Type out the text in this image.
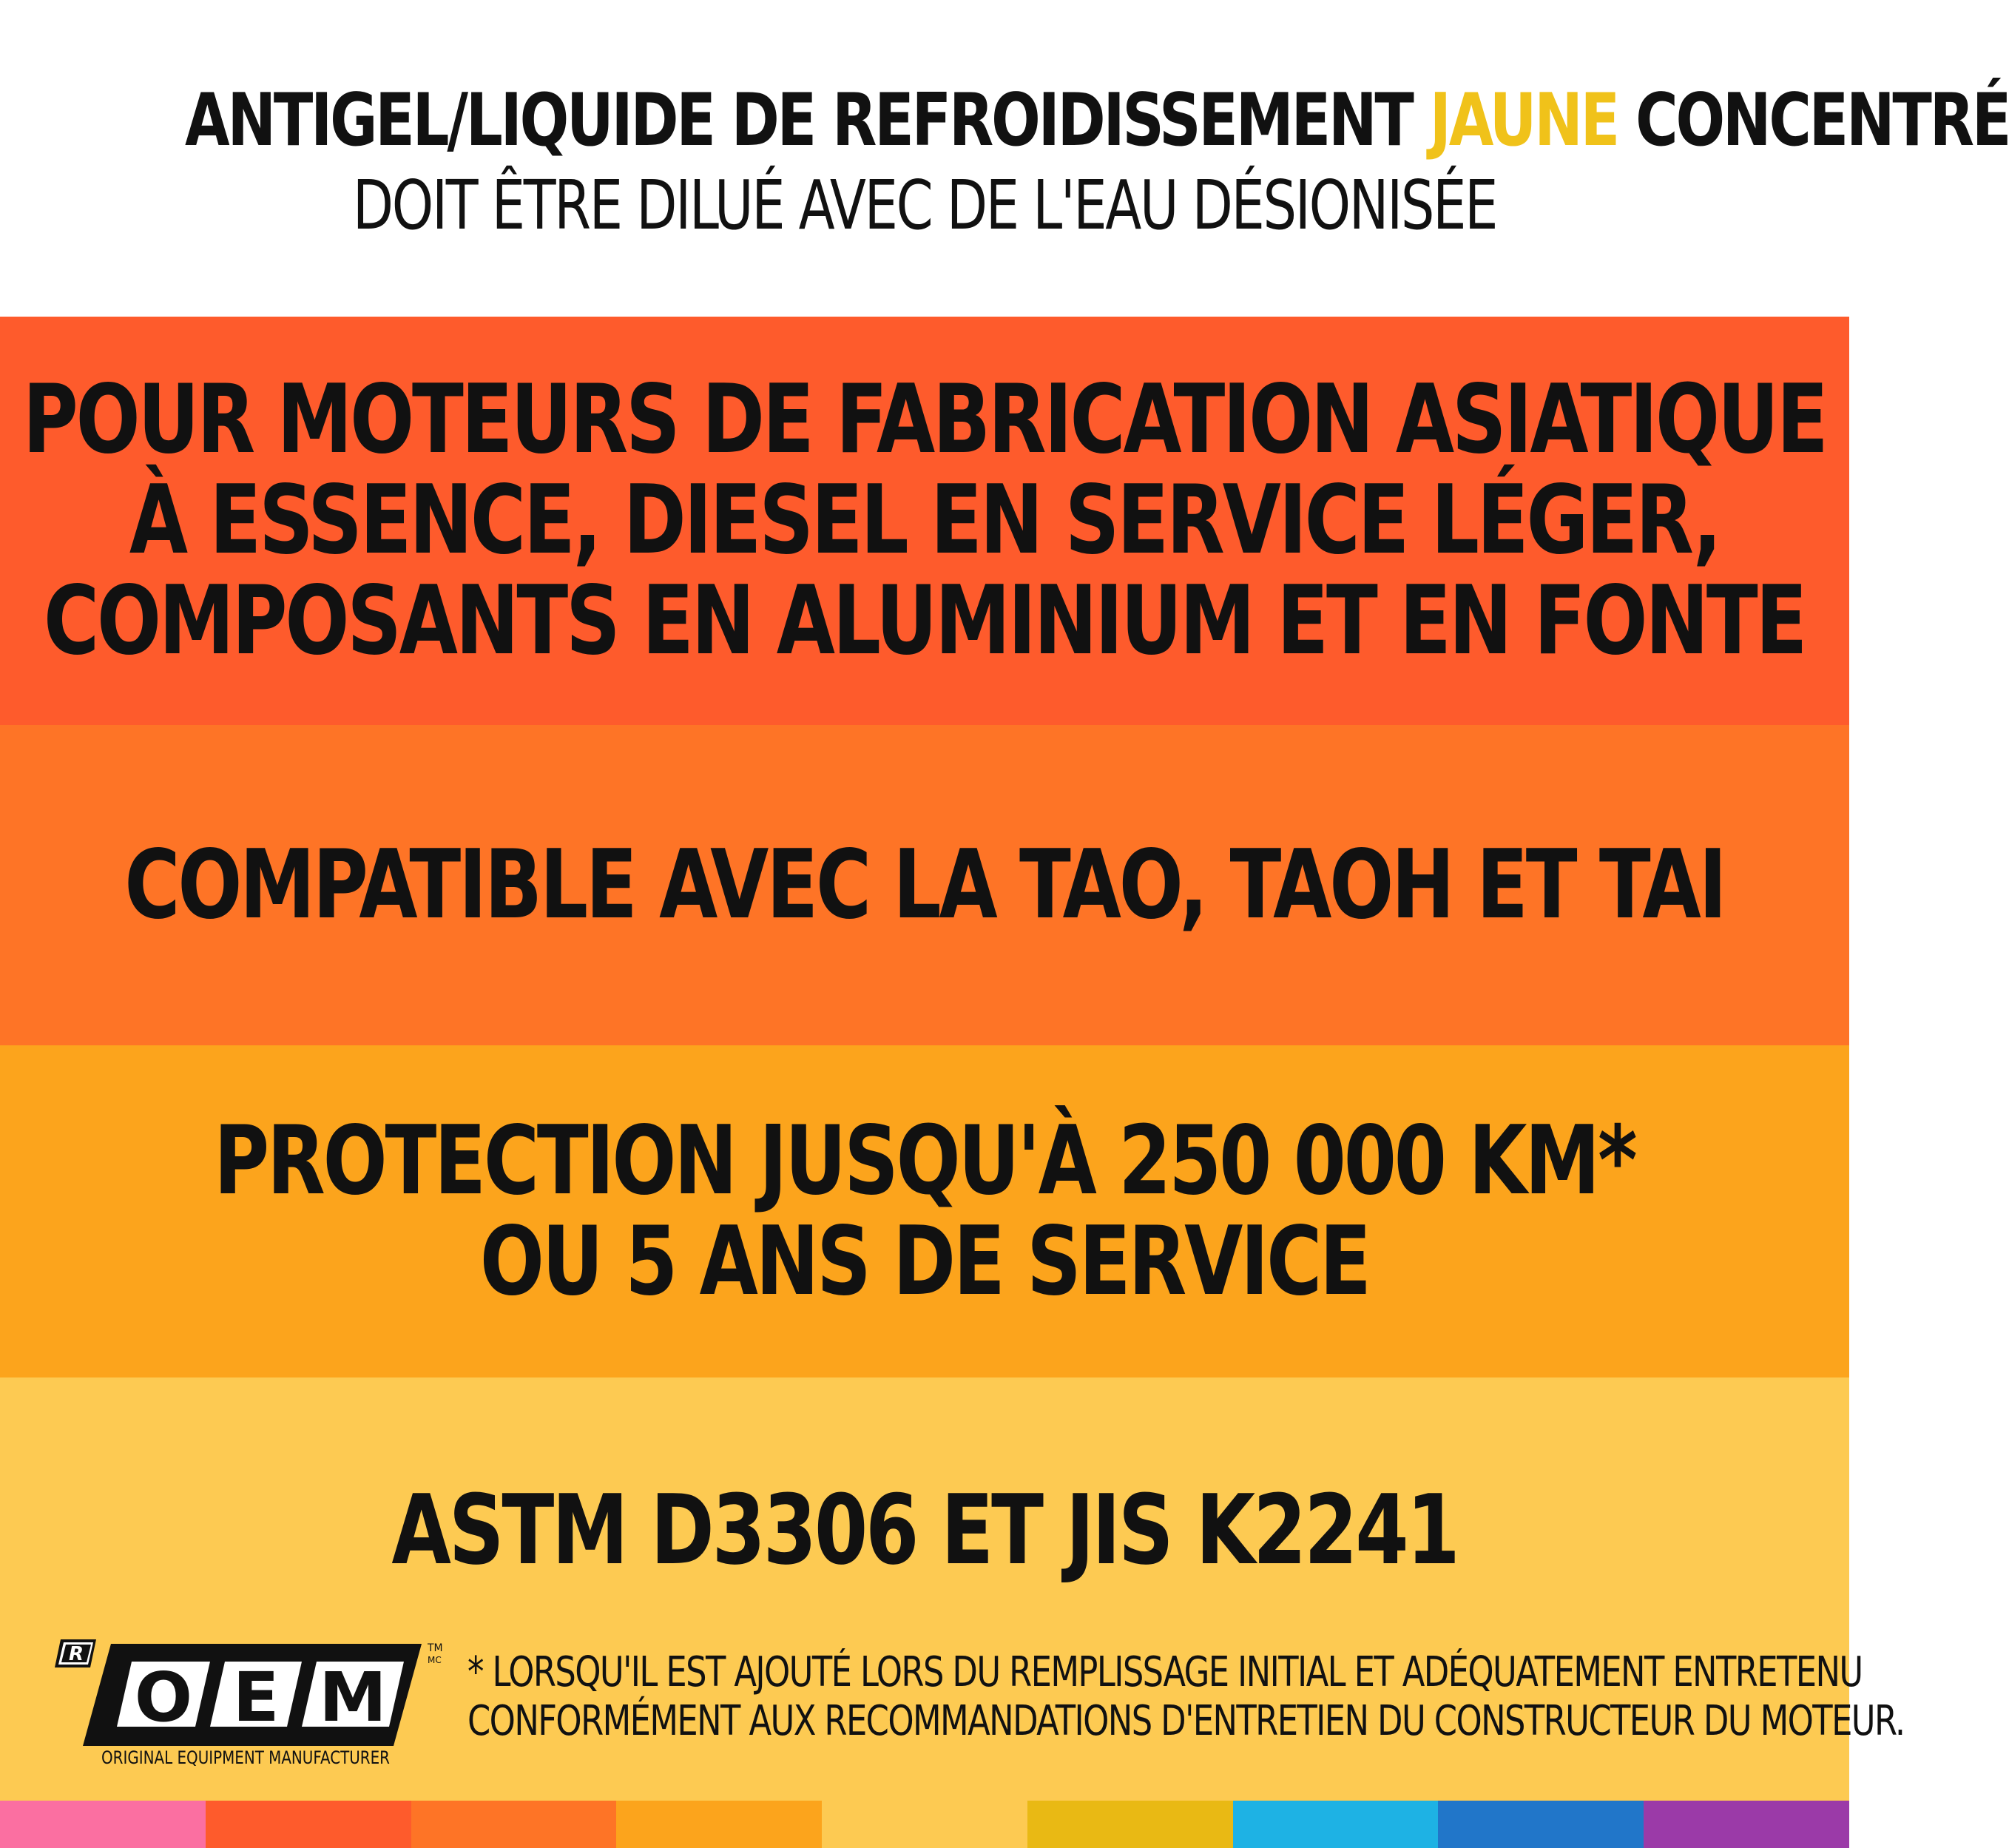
ANTIGEL/LIQUIDE DE REFROIDISSEMENT JAUNE CONCENTRÉ
DOIT ÊTRE DILUÉ AVEC DE L'EAU DÉSIONISÉE
POUR MOTEURS DE FABRICATION ASIATIQUE
À ESSENCE, DIESEL EN SERVICE LÉGER,
COMPOSANTS EN ALUMINIUM ET EN FONTE
COMPATIBLE AVEC LA TAO, TAOH ET TAI
PROTECTION JUSQU'À 250 000 KM*
OU 5 ANS DE SERVICE
ASTM D3306 ET JIS K2241
R
O E M
TM
MC
ORIGINAL EQUIPMENT MANUFACTURER
* LORSQU'IL EST AJOUTÉ LORS DU REMPLISSAGE INITIAL ET ADÉQUATEMENT ENTRETENU
CONFORMÉMENT AUX RECOMMANDATIONS D'ENTRETIEN DU CONSTRUCTEUR DU MOTEUR.
